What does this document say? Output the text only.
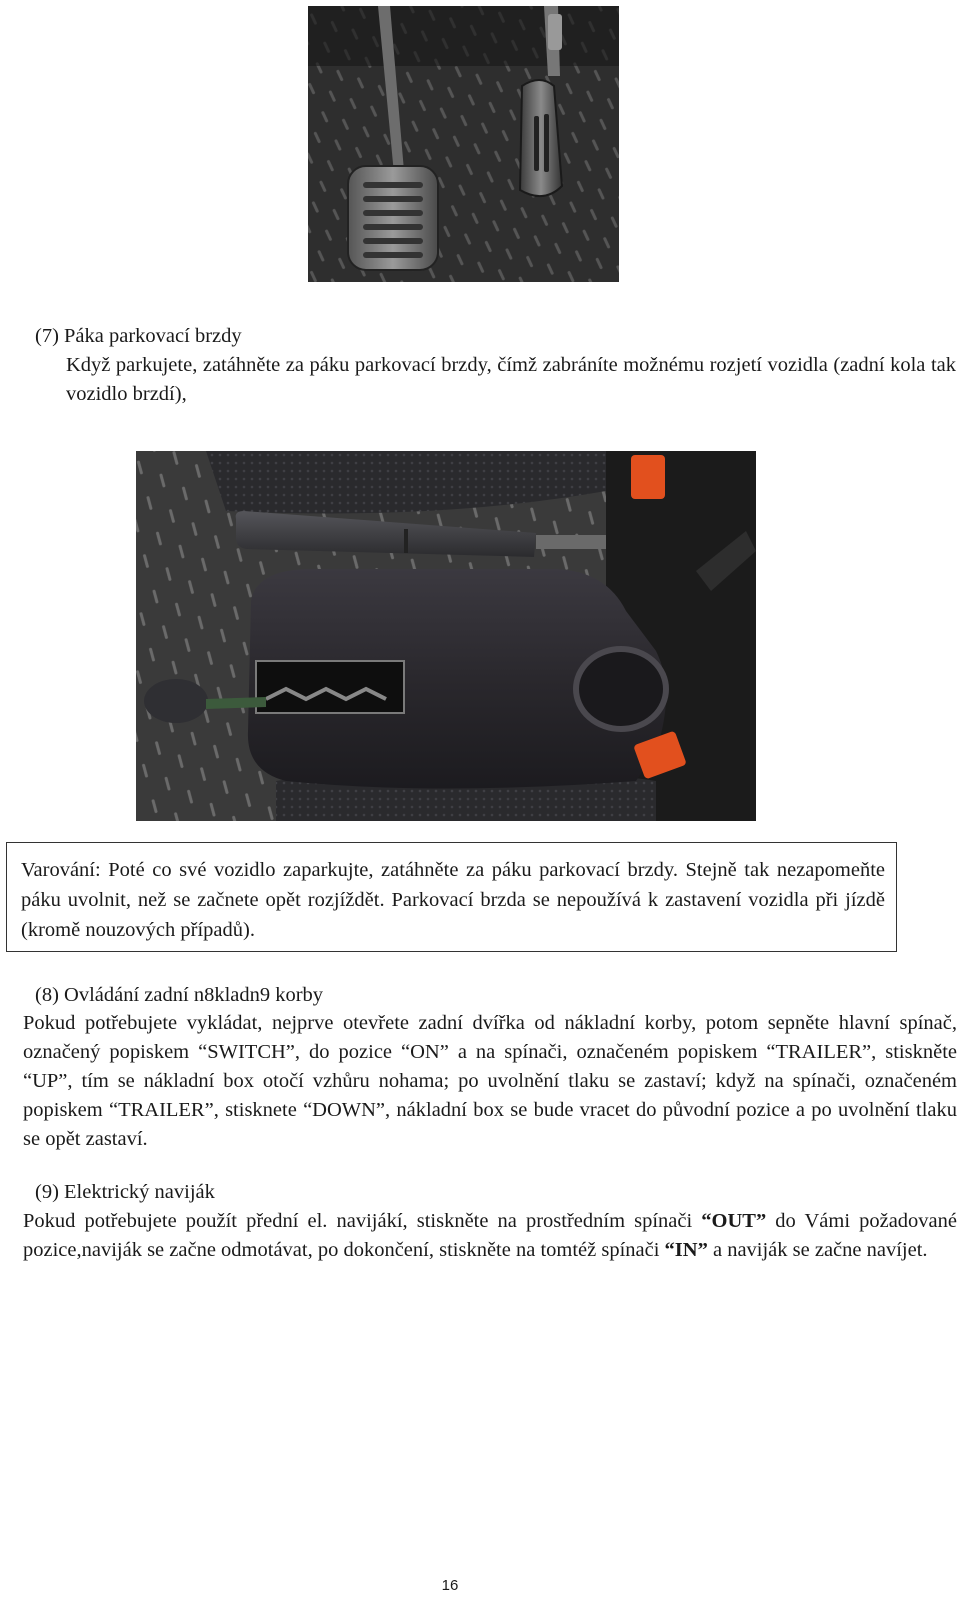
(7) Páka parkovací brzdy
Když parkujete, zatáhněte za páku parkovací brzdy, čímž zabráníte možnému rozjetí vozidla (zadní kola tak vozidlo brzdí),
Varování: Poté co své vozidlo zaparkujte, zatáhněte za páku parkovací brzdy. Stejně tak nezapomeňte páku uvolnit, než se začnete opět rozjíždět. Parkovací brzda se nepoužívá k zastavení vozidla při jízdě (kromě nouzových případů).
(8) Ovládání zadní n8kladn9 korby
Pokud potřebujete vykládat, nejprve otevřete zadní dvířka od nákladní korby, potom sepněte hlavní spínač, označený popiskem “SWITCH”, do pozice “ON” a na spínači, označeném popiskem “TRAILER”, stiskněte “UP”, tím se nákladní box otočí vzhůru nohama; po uvolnění tlaku se zastaví; když na spínači, označeném popiskem “TRAILER”, stisknete “DOWN”, nákladní box se bude vracet do původní pozice a po uvolnění tlaku se opět zastaví.
(9) Elektrický naviják
Pokud potřebujete použít přední el. navijákí, stiskněte na prostředním spínači “OUT” do Vámi požadované pozice,naviják se začne odmotávat, po dokončení, stiskněte na tomtéž spínači “IN” a naviják se začne navíjet.
16
